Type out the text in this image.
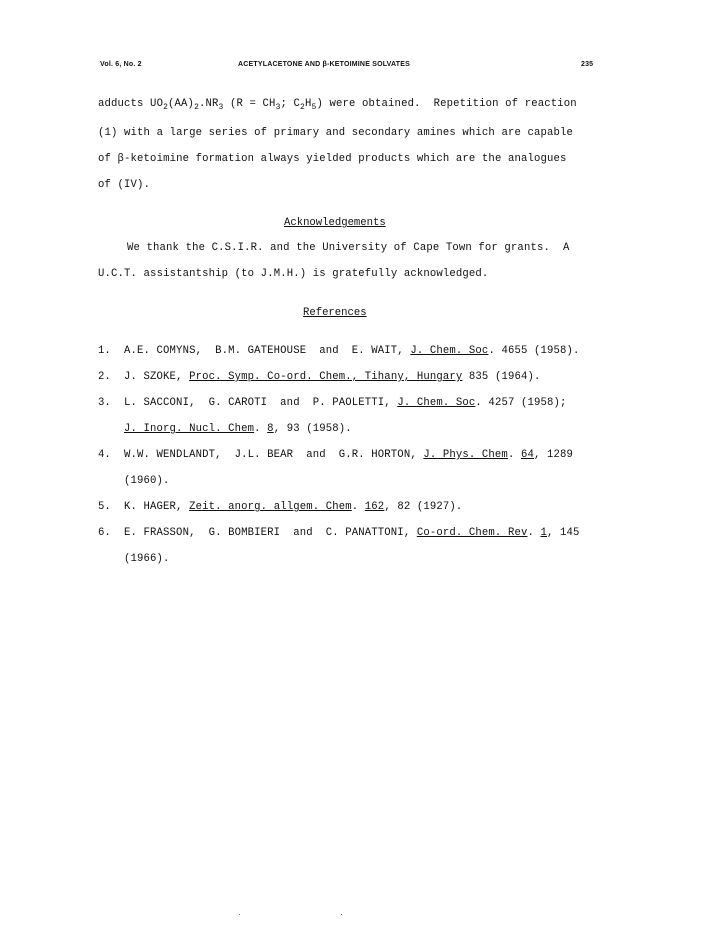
Vol. 6, No. 2	ACETYLACETONE AND β-KETOIMINE SOLVATES	235
adducts $UO_2(AA)_2.NR_3$ ($R = CH_3$; $C_2H_5$) were obtained.  Repetition of reaction
(1) with a large series of primary and secondary amines which are capable
of β-ketoimine formation always yielded products which are the analogues
of (IV).
Acknowledgements
We thank the C.S.I.R. and the University of Cape Town for grants.  A
U.C.T. assistantship (to J.M.H.) is gratefully acknowledged.
References
1. A.E. COMYNS,  B.M. GATEHOUSE  and  E. WAIT, J. Chem. Soc. 4655 (1958).
2. J. SZOKE, Proc. Symp. Co-ord. Chem., Tihany, Hungary 835 (1964).
3. L. SACCONI,  G. CAROTI  and  P. PAOLETTI, J. Chem. Soc. 4257 (1958);
J. Inorg. Nucl. Chem. 8, 93 (1958).
4. W.W. WENDLANDT,  J.L. BEAR  and  G.R. HORTON, J. Phys. Chem. 64, 1289
(1960).
5. K. HAGER, Zeit. anorg. allgem. Chem. 162, 82 (1927).
6. E. FRASSON,  G. BOMBIERI  and  C. PANATTONI, Co-ord. Chem. Rev. 1, 145
(1966).
